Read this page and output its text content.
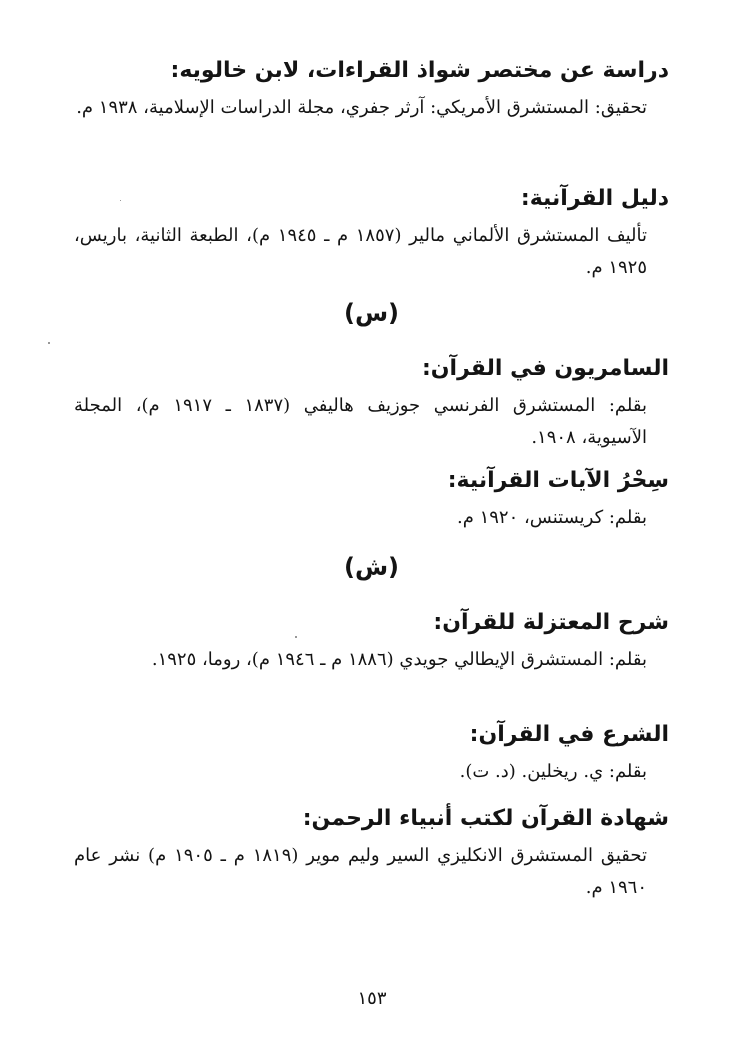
دراسة عن مختصر شواذ القراءات، لابن خالويه:

تحقيق: المستشرق الأمريكي: آرثر جفري، مجلة الدراسات الإسلامية، ١٩٣٨ م.

دليل القرآنية:

تأليف المستشرق الألماني مالير (١٨٥٧ م ـ ١٩٤٥ م)، الطبعة الثانية، باريس، ١٩٢٥ م.

(س)

السامريون في القرآن:

بقلم: المستشرق الفرنسي جوزيف هاليفي (١٨٣٧ ـ ١٩١٧ م)، المجلة الآسيوية، ١٩٠٨.

سِحْرُ الآيات القرآنية:

بقلم: كريستنس، ١٩٢٠ م.

(ش)

شرح المعتزلة للقرآن:

بقلم: المستشرق الإيطالي جويدي (١٨٨٦ م ـ ١٩٤٦ م)، روما، ١٩٢٥.

الشرع في القرآن:

بقلم: ي. ريخلين. (د. ت).

شهادة القرآن لكتب أنبياء الرحمن:

تحقيق المستشرق الانكليزي السير وليم موير (١٨١٩ م ـ ١٩٠٥ م) نشر عام ١٩٦٠ م.

١٥٣
